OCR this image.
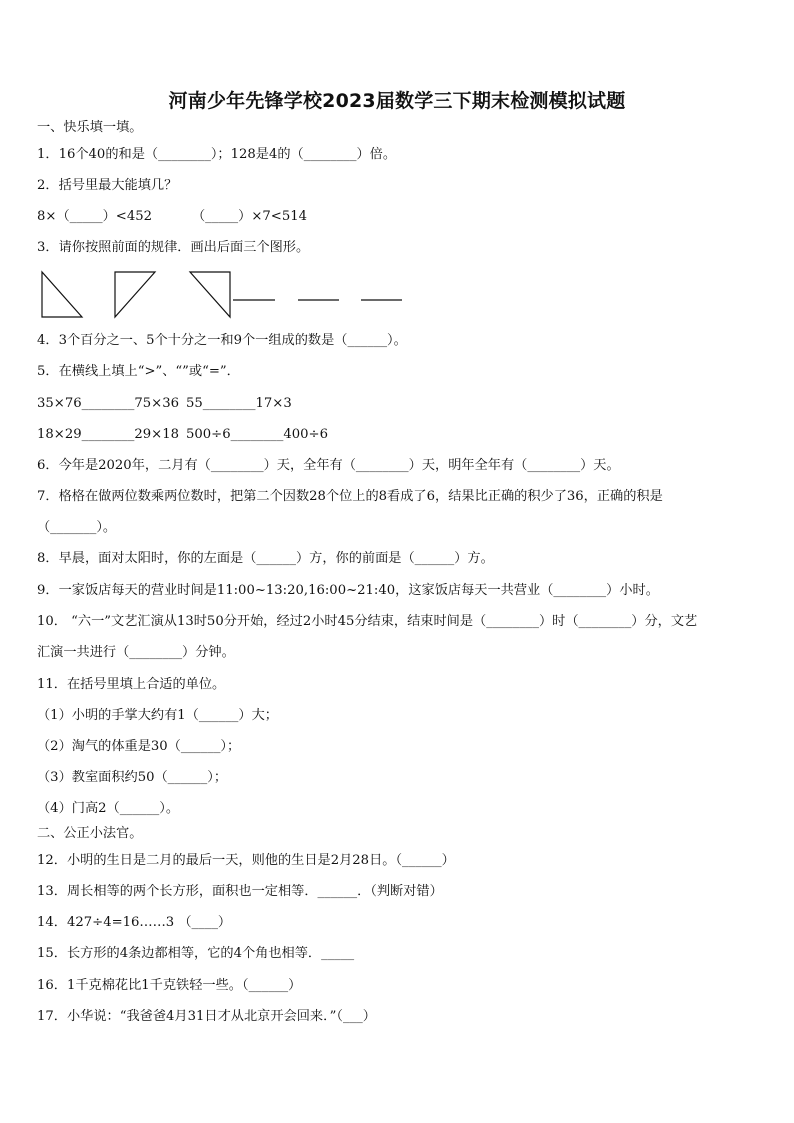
河南少年先锋学校2023届数学三下期末检测模拟试题
一、快乐填一填。
1．16个40的和是（________）；128是4的（________）倍。
2．括号里最大能填几？
8×（_____）<452	（_____）×7<514
3．请你按照前面的规律．画出后面三个图形。
4．3个百分之一、5个十分之一和9个一组成的数是（______）。
5．在横线上填上“>”、“”或“=”．
35×76________75×36 55________17×3
18×29________29×18 500÷6________400÷6
6．今年是2020年，二月有（________）天，全年有（________）天，明年全年有（________）天。
7．格格在做两位数乘两位数时，把第二个因数28个位上的8看成了6，结果比正确的积少了36，正确的积是
（_______）。
8．早晨，面对太阳时，你的左面是（______）方，你的前面是（______）方。
9．一家饭店每天的营业时间是11:00~13:20,16:00~21:40，这家饭店每天一共营业（________）小时。
10． “六一”文艺汇演从13时50分开始，经过2小时45分结束，结束时间是（________）时（________）分，文艺
汇演一共进行（________）分钟。
11．在括号里填上合适的单位。
（1）小明的手掌大约有1（______）大；
（2）淘气的体重是30（______）；
（3）教室面积约50（______）；
（4）门高2（______）。
二、公正小法官。
12．小明的生日是二月的最后一天，则他的生日是2月28日。（______）
13．周长相等的两个长方形，面积也一定相等．______．（判断对错）
14．427÷4=16……3 （____）
15．长方形的4条边都相等，它的4个角也相等．_____
16．1千克棉花比1千克铁轻一些。（______）
17．小华说：“我爸爸4月31日才从北京开会回来．”（___）
